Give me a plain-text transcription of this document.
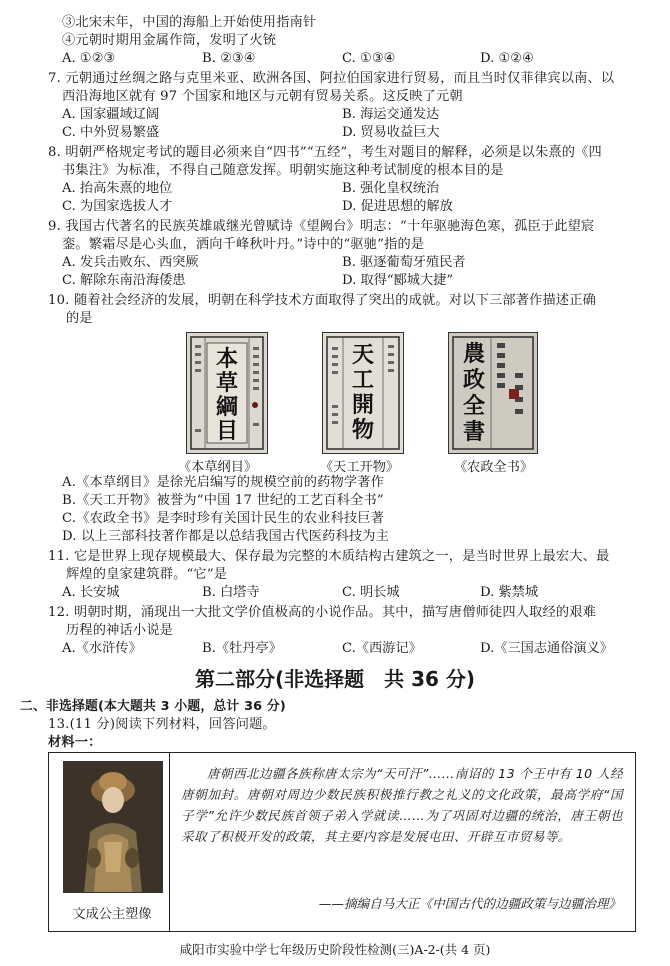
③北宋末年，中国的海船上开始使用指南针
④元朝时期用金属作筒，发明了火铳
A. ①②③	B. ②③④	C. ①③④	D. ①②④
7. 元朝通过丝绸之路与克里米亚、欧洲各国、阿拉伯国家进行贸易，而且当时仅菲律宾以南、以
西沿海地区就有 97 个国家和地区与元朝有贸易关系。这反映了元朝
A. 国家疆域辽阔	B. 海运交通发达
C. 中外贸易繁盛	D. 贸易收益巨大
8. 明朝严格规定考试的题目必须来自“四书”“五经”，考生对题目的解释，必须是以朱熹的《四
书集注》为标准，不得自己随意发挥。明朝实施这种考试制度的根本目的是
A. 抬高朱熹的地位	B. 强化皇权统治
C. 为国家选拔人才	D. 促进思想的解放
9. 我国古代著名的民族英雄戚继光曾赋诗《望阙台》明志：“十年驱驰海色寒，孤臣于此望宸
銮。繁霜尽是心头血，洒向千峰秋叶丹。”诗中的“驱驰”指的是
A. 发兵击败东、西突厥	B. 驱逐葡萄牙殖民者
C. 解除东南沿海倭患	D. 取得“郾城大捷”
10. 随着社会经济的发展，明朝在科学技术方面取得了突出的成就。对以下三部著作描述正确
的是
本草綱目
《本草纲目》
天工開物
《天工开物》
農政全書
《农政全书》
A.《本草纲目》是徐光启编写的规模空前的药物学著作
B.《天工开物》被誉为“中国 17 世纪的工艺百科全书”
C.《农政全书》是李时珍有关国计民生的农业科技巨著
D. 以上三部科技著作都是以总结我国古代医药科技为主
11. 它是世界上现存规模最大、保存最为完整的木质结构古建筑之一，是当时世界上最宏大、最
辉煌的皇家建筑群。“它”是
A. 长安城	B. 白塔寺	C. 明长城	D. 紫禁城
12. 明朝时期，涌现出一大批文学价值极高的小说作品。其中，描写唐僧师徒四人取经的艰难
历程的神话小说是
A.《水浒传》	B.《牡丹亭》	C.《西游记》	D.《三国志通俗演义》
第二部分(非选择题　共 36 分)
二、非选择题(本大题共 3 小题，总计 36 分)
13.(11 分)阅读下列材料，回答问题。
材料一：
文成公主塑像
唐朝西北边疆各族称唐太宗为“天可汗”……南诏的 13 个王中有 10 人经唐朝加封。唐朝对周边少数民族积极推行教之礼义的文化政策，最高学府“国子学”允许少数民族首领子弟入学就读……为了巩固对边疆的统治，唐王朝也采取了积极开发的政策，其主要内容是发展屯田、开辟互市贸易等。
——摘编自马大正《中国古代的边疆政策与边疆治理》
咸阳市实验中学七年级历史阶段性检测(三)A-2-(共 4 页)
